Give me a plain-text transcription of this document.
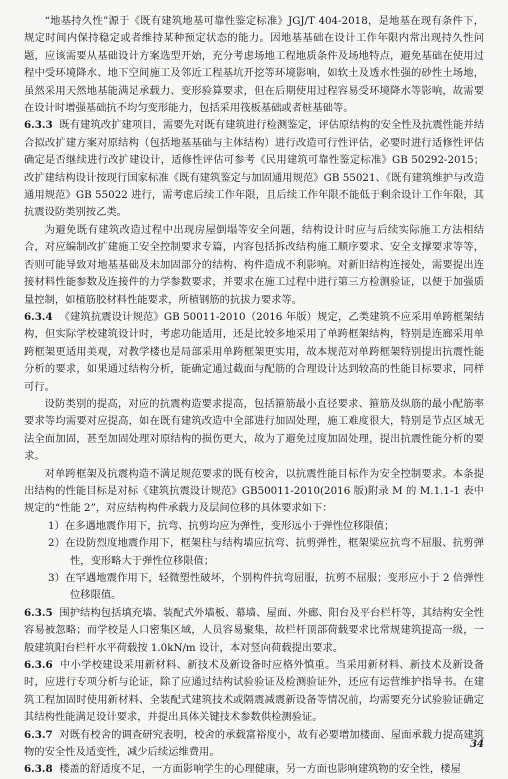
“地基持久性”源于《既有建筑地基可靠性鉴定标准》JGJ/T 404-2018，是地基在现有条件下，规定时间内保持稳定或者维持某种预定状态的能力。因地基基础在设计工作年限内常出现持久性问题，应该需要从基础设计方案选型开始，充分考虑场地工程地质条件及场地特点，避免基础在使用过程中受环境降水、地下空间施工及邻近工程基坑开挖等环境影响，如软土及透水性强的砂性土场地，虽然采用天然地基能满足承载力、变形验算要求，但在后期使用过程容易受环境降水等影响，故需要在设计时增强基础抗不均匀变形能力，包括采用筏板基础或者桩基础等。

6.3.3 既有建筑改扩建项目，需要先对既有建筑进行检测鉴定，评估原结构的安全性及抗震性能并结合拟改扩建方案对原结构（包括地基基础与主体结构）进行改造可行性评估，必要时进行适修性评估确定是否继续进行改扩建设计，适修性评估可参考《民用建筑可靠性鉴定标准》GB 50292-2015；改扩建结构设计按现行国家标准《既有建筑鉴定与加固通用规范》GB 55021、《既有建筑维护与改造通用规范》GB 55022 进行，需考虑后续工作年限，且后续工作年限不能低于剩余设计工作年限，其抗震设防类别按乙类。

为避免既有建筑改造过程中出现房屋倒塌等安全问题，结构设计时应与后续实际施工方法相结合，对应编制改扩建施工安全控制要求专篇，内容包括拆改结构施工顺序要求、安全支撑要求等等，否则可能导致对地基基础及未加固部分的结构、构件造成不利影响。对新旧结构连接处，需要提出连接材料性能参数及连接件的力学参数要求，并要求在施工过程中进行第三方检测验证，以便于加强质量控制，如植筋胶材料性能要求，所植钢筋的抗拔力要求等。

6.3.4 《建筑抗震设计规范》GB 50011-2010（2016 年版）规定，乙类建筑不应采用单跨框架结构，但实际学校建筑设计时，考虑功能适用，还是比较多地采用了单跨框架结构，特别是连廊采用单跨框架更适用美观，对教学楼也是局部采用单跨框架更实用，故本规范对单跨框架特别提出抗震性能分析的要求，如果通过结构分析，能确定通过截面与配筋的合理设计达到较高的性能目标要求，同样可行。

设防类别的提高，对应的抗震构造要求提高，包括箍筋最小直径要求、箍筋及纵筋的最小配筋率要求等均需要对应提高，如在既有建筑改造中全部进行加固处理，施工难度很大，特别是节点区域无法全面加固，甚至加固处理对原结构的损伤更大，故为了避免过度加固处理，提出抗震性能分析的要求。

对单跨框架及抗震构造不满足规范要求的既有校舍，以抗震性能目标作为安全控制要求。本条提出结构的性能目标是对标《建筑抗震设计规范》GB50011-2010(2016 版)附录 M 的 M.1.1-1 表中规定的“性能 2”，对应结构构件承载力及层间位移的具体要求如下：

1）在多遇地震作用下，抗弯、抗剪均应为弹性，变形远小于弹性位移限值；

2）在设防烈度地震作用下，框架柱与结构墙应抗弯、抗剪弹性，框架梁应抗弯不屈服、抗剪弹性，变形略大于弹性位移限值；

3）在罕遇地震作用下，轻微塑性破坏，个别构件抗弯屈服，抗剪不屈服；变形应小于 2 倍弹性位移限值。

6.3.5 围护结构包括填充墙、装配式外墙板、幕墙、屋面、外廊、阳台及平台栏杆等，其结构安全性容易被忽略；而学校是人口密集区域，人员容易聚集，故栏杆顶部荷载要求比常规建筑提高一级，一般建筑阳台栏杆水平荷载按 1.0kN/m 设计，本对竖向荷载提出要求。

6.3.6 中小学校建设采用新材料、新技术及新设备时应格外慎重。当采用新材料、新技术及新设备时，应进行专项分析与论证，除了应通过结构试验验证及检测验证外，还应有运营维护指导书。在建筑工程加固时使用新材料、全装配式建筑技术或隔震减震新设备等情况前，均需要充分试验验证确定其结构性能满足设计要求，并提出具体关键技术参数供检测验证。

6.3.7 对既有校舍的调查研究表明，校舍的承载富裕度小，故有必要增加楼面、屋面承载力提高建筑物的安全性及适变性，减少后续运维费用。

6.3.8 楼盖的舒适度不足，一方面影响学生的心理健康，另一方面也影响建筑物的安全性，楼屋

34
